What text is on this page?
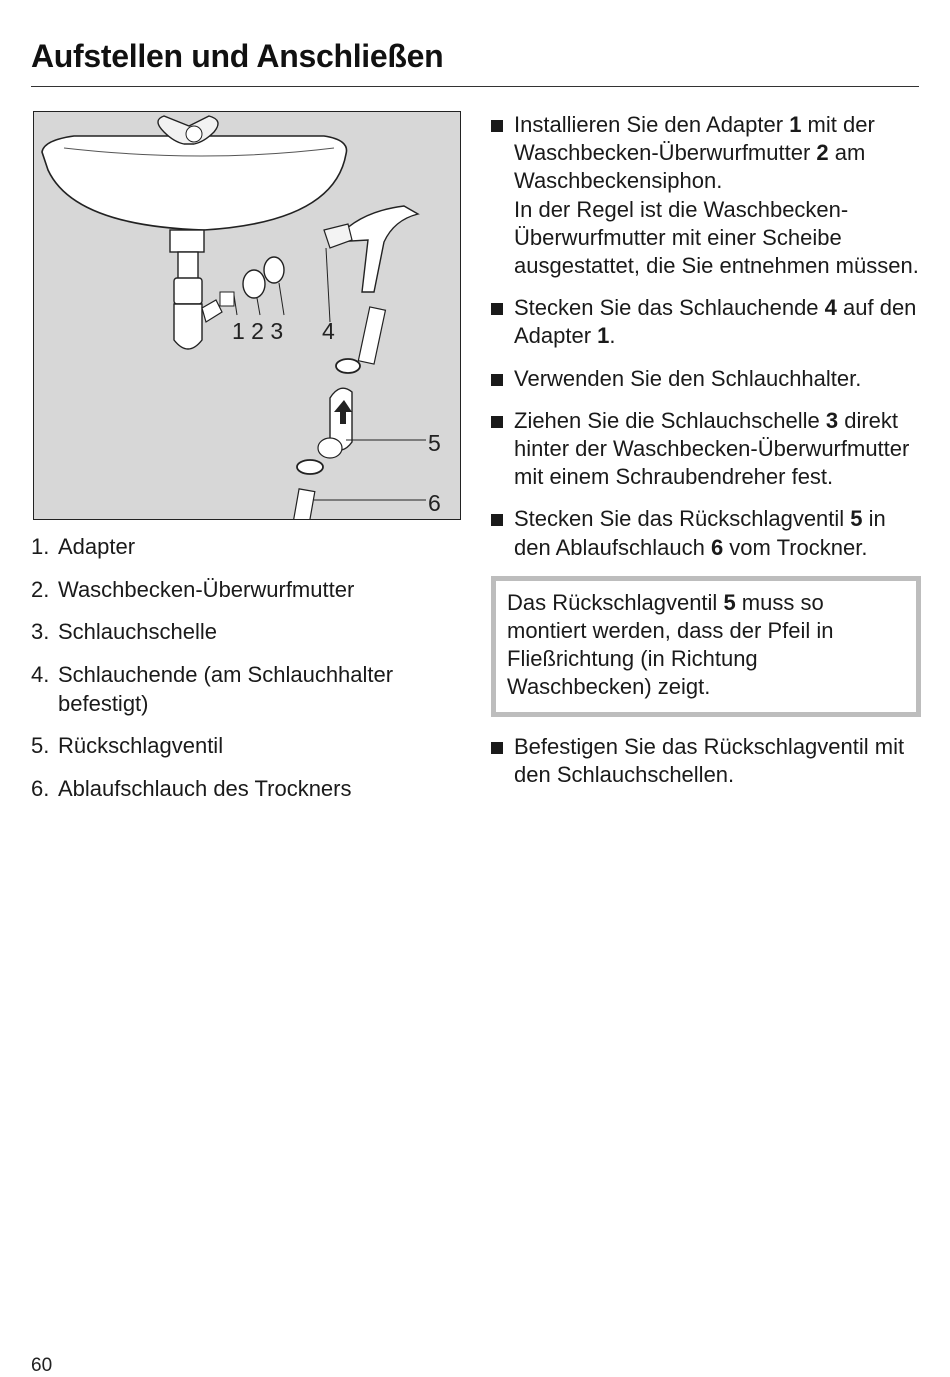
Aufstellen und Anschließen
1 2 3 4
5
6
1. Adapter
2. Waschbecken-Überwurfmutter
3. Schlauchschelle
4. Schlauchende (am Schlauchhalter befestigt)
5. Rückschlagventil
6. Ablaufschlauch des Trockners
Installieren Sie den Adapter 1 mit der Waschbecken-Überwurfmutter 2 am Waschbeckensiphon.
In der Regel ist die Waschbecken-Überwurfmutter mit einer Scheibe ausgestattet, die Sie entnehmen müssen.
Stecken Sie das Schlauchende 4 auf den Adapter 1.
Verwenden Sie den Schlauchhalter.
Ziehen Sie die Schlauchschelle 3 direkt hinter der Waschbecken-Überwurfmutter mit einem Schraubendreher fest.
Stecken Sie das Rückschlagventil 5 in den Ablaufschlauch 6 vom Trockner.
Das Rückschlagventil 5 muss so montiert werden, dass der Pfeil in Fließrichtung (in Richtung Waschbecken) zeigt.
Befestigen Sie das Rückschlagventil mit den Schlauchschellen.
60
